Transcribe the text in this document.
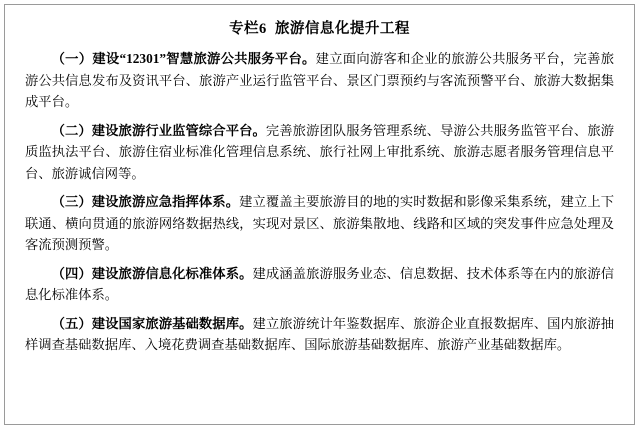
专栏6 旅游信息化提升工程

（一）建设“12301”智慧旅游公共服务平台。建立面向游客和企业的旅游公共服务平台，完善旅游公共信息发布及资讯平台、旅游产业运行监管平台、景区门票预约与客流预警平台、旅游大数据集成平台。

（二）建设旅游行业监管综合平台。完善旅游团队服务管理系统、导游公共服务监管平台、旅游质监执法平台、旅游住宿业标准化管理信息系统、旅行社网上审批系统、旅游志愿者服务管理信息平台、旅游诚信网等。

（三）建设旅游应急指挥体系。建立覆盖主要旅游目的地的实时数据和影像采集系统，建立上下联通、横向贯通的旅游网络数据热线，实现对景区、旅游集散地、线路和区域的突发事件应急处理及客流预测预警。

（四）建设旅游信息化标准体系。建成涵盖旅游服务业态、信息数据、技术体系等在内的旅游信息化标准体系。

（五）建设国家旅游基础数据库。建立旅游统计年鉴数据库、旅游企业直报数据库、国内旅游抽样调查基础数据库、入境花费调查基础数据库、国际旅游基础数据库、旅游产业基础数据库。
